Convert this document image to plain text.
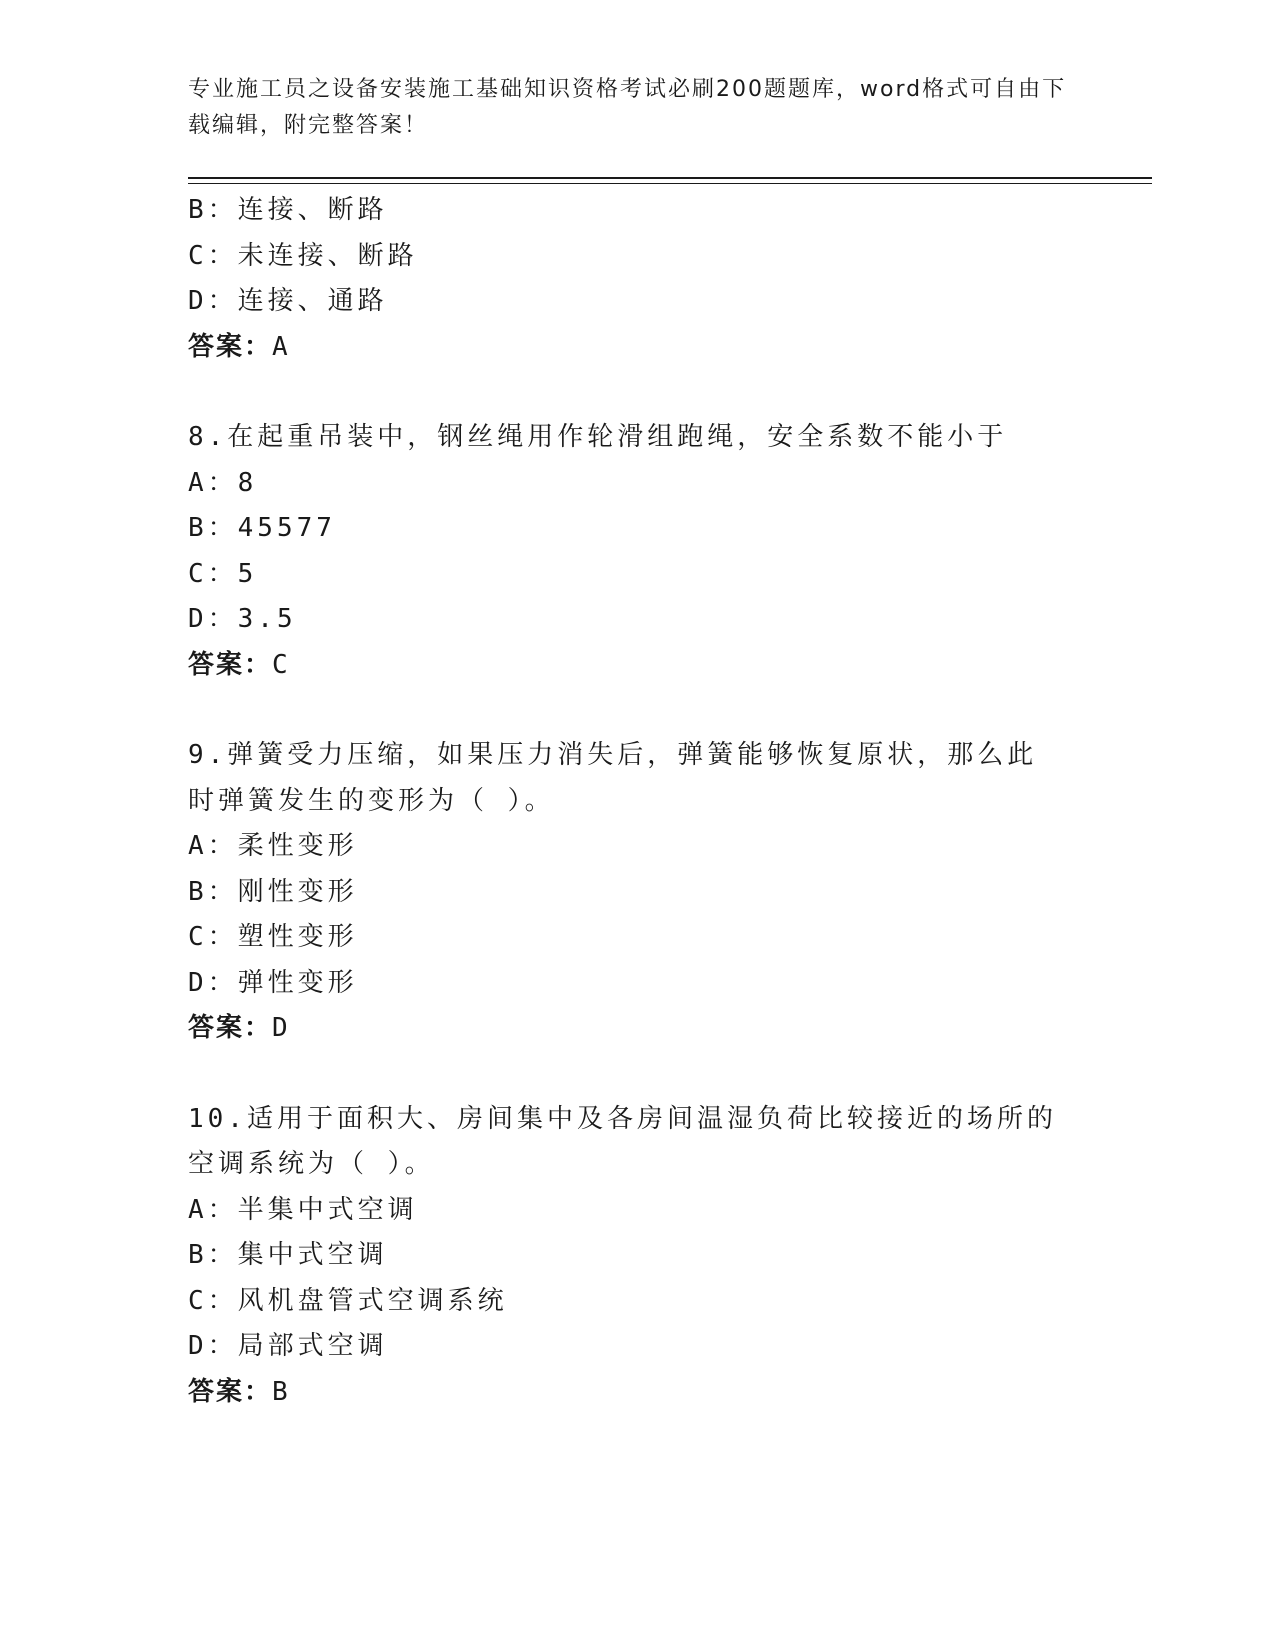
专业施工员之设备安装施工基础知识资格考试必刷200题题库，word格式可自由下载编辑，附完整答案！
B：连接、断路
C：未连接、断路
D：连接、通路
答案：A
8.在起重吊装中，钢丝绳用作轮滑组跑绳，安全系数不能小于
A：8
B：45577
C：5
D：3.5
答案：C
9.弹簧受力压缩，如果压力消失后，弹簧能够恢复原状，那么此时弹簧发生的变形为（ ）。
A：柔性变形
B：刚性变形
C：塑性变形
D：弹性变形
答案：D
10.适用于面积大、房间集中及各房间温湿负荷比较接近的场所的空调系统为（ ）。
A：半集中式空调
B：集中式空调
C：风机盘管式空调系统
D：局部式空调
答案：B
